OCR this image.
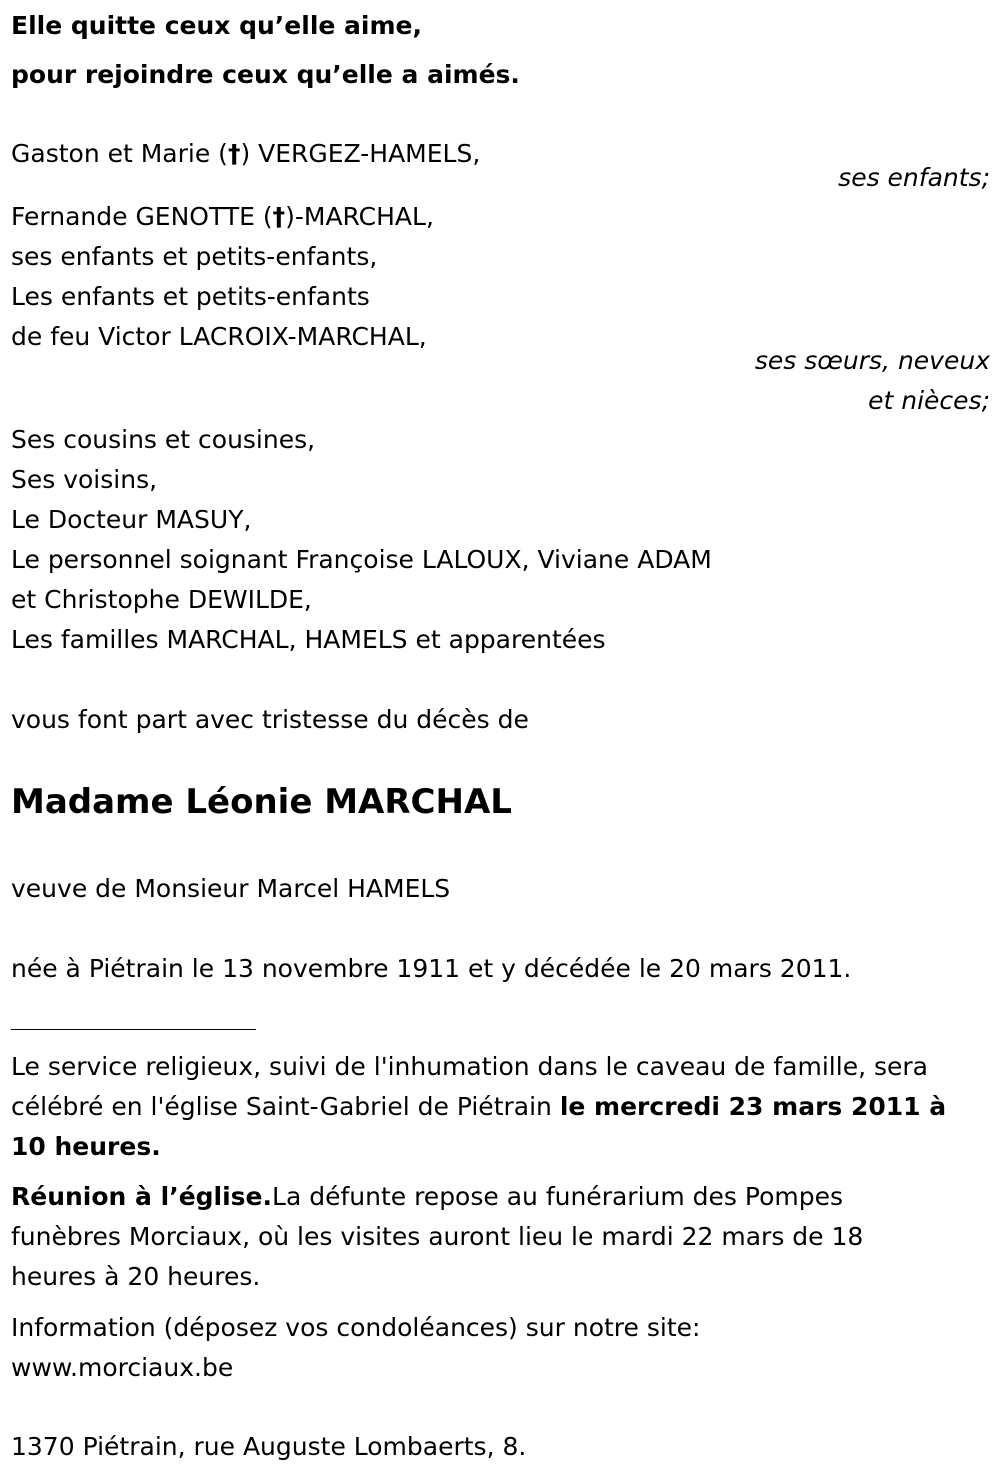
Elle quitte ceux qu’elle aime,
pour rejoindre ceux qu’elle a aimés.
Gaston et Marie (†) VERGEZ-HAMELS,
ses enfants;
Fernande GENOTTE (†)-MARCHAL,
ses enfants et petits-enfants,
Les enfants et petits-enfants
de feu Victor LACROIX-MARCHAL,
ses sœurs, neveux
et nièces;
Ses cousins et cousines,
Ses voisins,
Le Docteur MASUY,
Le personnel soignant Françoise LALOUX, Viviane ADAM
et Christophe DEWILDE,
Les familles MARCHAL, HAMELS et apparentées
vous font part avec tristesse du décès de
Madame Léonie MARCHAL
veuve de Monsieur Marcel HAMELS
née à Piétrain le 13 novembre 1911 et y décédée le 20 mars 2011.
Le service religieux, suivi de l'inhumation dans le caveau de famille, sera
célébré en l'église Saint-Gabriel de Piétrain le mercredi 23 mars 2011 à
10 heures.
Réunion à l’église.La défunte repose au funérarium des Pompes
funèbres Morciaux, où les visites auront lieu le mardi 22 mars de 18
heures à 20 heures.
Information (déposez vos condoléances) sur notre site:
www.morciaux.be
1370 Piétrain, rue Auguste Lombaerts, 8.
